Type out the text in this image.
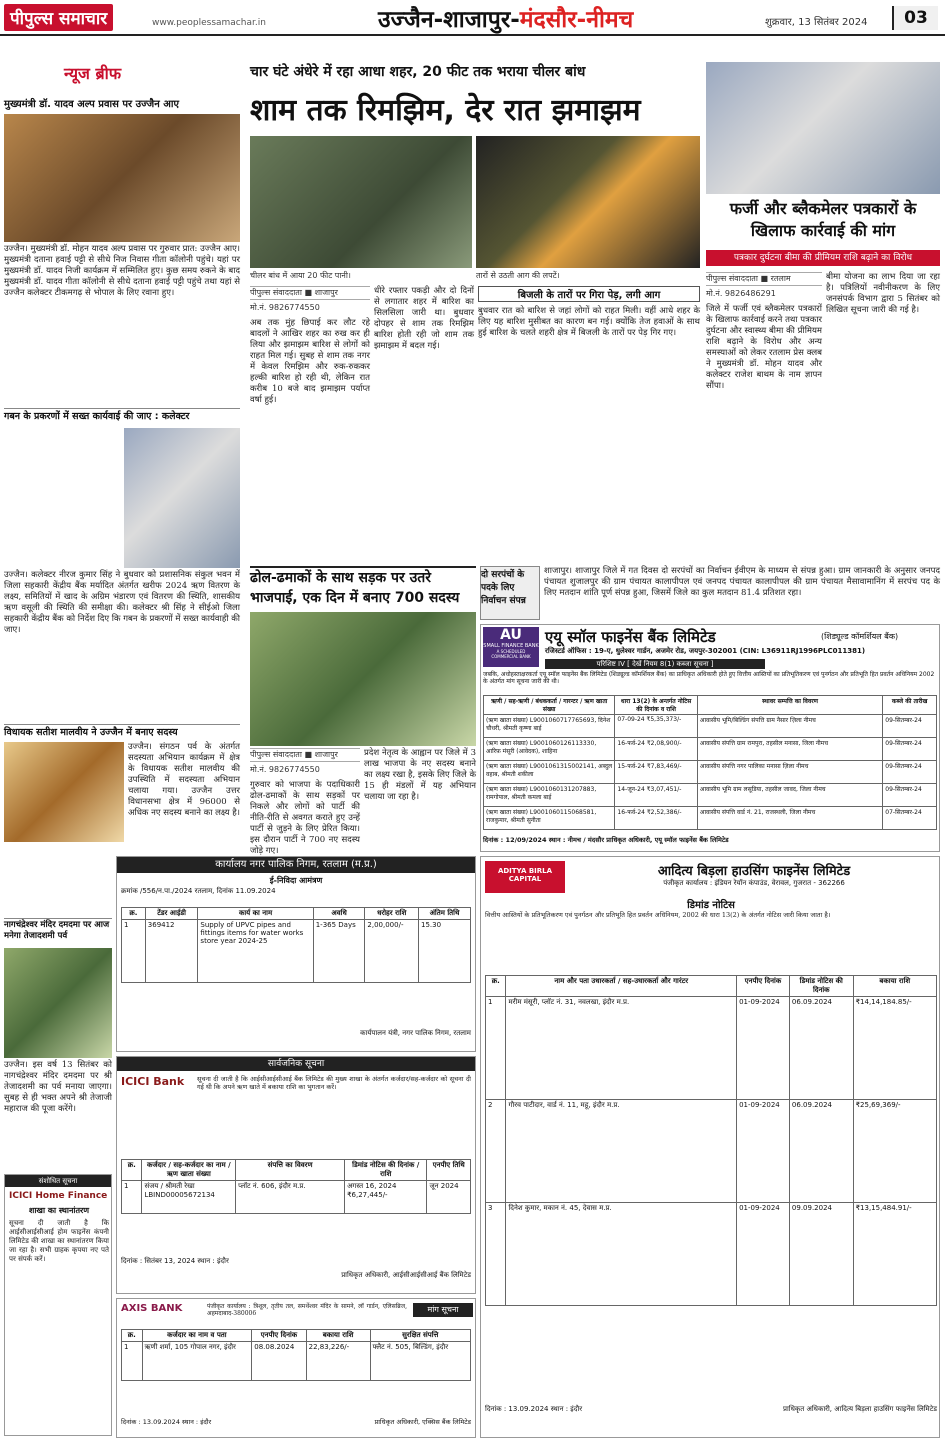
पीपुल्स समाचार	www.peoplessamachar.in	उज्जैन-शाजापुर-मंदसौर-नीमच	शुक्रवार, 13 सितंबर 2024	03
न्यूज ब्रीफ
मुख्यमंत्री डॉ. यादव अल्प प्रवास पर उज्जैन आए
उज्जैन। मुख्यमंत्री डॉ. मोहन यादव अल्प प्रवास पर गुरुवार प्रात: उज्जैन आए। मुख्यमंत्री दताना हवाई पट्टी से सीधे निज निवास गीता कॉलोनी पहुंचे। यहां पर मुख्यमंत्री डॉ. यादव निजी कार्यक्रम में सम्मिलित हुए। कुछ समय रुकने के बाद मुख्यमंत्री डॉ. यादव गीता कॉलोनी से सीधे दताना हवाई पट्टी पहुंचे तथा यहां से उज्जैन कलेक्टर टीकमगढ़ से भोपाल के लिए रवाना हुए।
गबन के प्रकरणों में सख्त कार्यवाई की जाए : कलेक्टर
उज्जैन। कलेक्टर नीरज कुमार सिंह ने बुधवार को प्रशासनिक संकुल भवन में जिला सहकारी केंद्रीय बैंक मर्यादित अंतर्गत खरीफ 2024 ऋण वितरण के लक्ष्य, समितियों में खाद के अग्रिम भंडारण एवं वितरण की स्थिति, शासकीय ऋण वसूली की स्थिति की समीक्षा की। कलेक्टर श्री सिंह ने सीईओ जिला सहकारी केंद्रीय बैंक को निर्देश दिए कि गबन के प्रकरणों में सख्त कार्यवाही की जाए।
विधायक सतीश मालवीय ने उज्जैन में बनाए सदस्य
उज्जैन। संगठन पर्व के अंतर्गत सदस्यता अभियान कार्यक्रम में क्षेत्र के विधायक सतीश मालवीय की उपस्थिति में सदस्यता अभियान चलाया गया। उज्जैन उत्तर विधानसभा क्षेत्र में 96000 से अधिक नए सदस्य बनाने का लक्ष्य है।
नागचंद्रेश्वर मंदिर दमदमा पर आज मनेगा तेजादशमी पर्व
उज्जैन। इस वर्ष 13 सितंबर को नागचंद्रेश्वर मंदिर दमदमा पर श्री तेजादशमी का पर्व मनाया जाएगा। सुबह से ही भक्त अपने श्री तेजाजी महाराज की पूजा करेंगे।
संशोधित सूचना
ICICI Home Finance
शाखा का स्थानांतरण
सूचना दी जाती है कि आईसीआईसीआई होम फाइनेंस कंपनी लिमिटेड की शाखा का स्थानांतरण किया जा रहा है। सभी ग्राहक कृपया नए पते पर संपर्क करें।
चार घंटे अंधेरे में रहा आधा शहर, 20 फीट तक भराया चीलर बांध
शाम तक रिमझिम, देर रात झमाझम
चीलर बांध में आया 20 फीट पानी।	तारों से उठती आग की लपटें।
पीपुल्स संवाददाता ■ शाजापुर
मो.नं. 9826774550
अब तक मुंह छिपाई कर लौट रहे बादलों ने आखिर शहर का रुख कर ही लिया और झमाझम बारिश से लोगों को राहत मिल गई। सुबह से शाम तक नगर में केवल रिमझिम और रुक-रुककर हल्की बारिश हो रही थी, लेकिन रात करीब 10 बजे बाद झमाझम पर्याप्त वर्षा हुई।
धीरे रफ्तार पकड़ी और दो दिनों से लगातार शहर में बारिश का सिलसिला जारी था। बुधवार दोपहर से शाम तक रिमझिम बारिश होती रही जो शाम तक झमाझम में बदल गई।
बिजली के तारों पर गिरा पेड़, लगी आग
बुधवार रात को बारिश से जहां लोगों को राहत मिली। वहीं आधे शहर के लिए यह बारिश मुसीबत का कारण बन गई। क्योंकि तेज हवाओं के साथ हुई बारिश के चलते शहरी क्षेत्र में बिजली के तारों पर पेड़ गिर गए।
फर्जी और ब्लैकमेलर पत्रकारों के खिलाफ कार्रवाई की मांग
पत्रकार दुर्घटना बीमा की प्रीमियम राशि बढ़ाने का विरोध
पीपुल्स संवाददाता ■ रतलाम
मो.नं. 9826486291
जिले में फर्जी एवं ब्लैकमेलर पत्रकारों के खिलाफ कार्रवाई करने तथा पत्रकार दुर्घटना और स्वास्थ्य बीमा की प्रीमियम राशि बढ़ाने के विरोध और अन्य समस्याओं को लेकर रतलाम प्रेस क्लब ने मुख्यमंत्री डॉ. मोहन यादव और कलेक्टर राजेश बाथम के नाम ज्ञापन सौंपा।
बीमा योजना का लाभ दिया जा रहा है। पत्रिलियों नवीनीकरण के लिए जनसंपर्क विभाग द्वारा 5 सितंबर को लिखित सूचना जारी की गई है।
ढोल-ढमाकों के साथ सड़क पर उतरे भाजपाई, एक दिन में बनाए 700 सदस्य
पीपुल्स संवाददाता ■ शाजापुर
मो.नं. 9826774550
गुरुवार को भाजपा के पदाधिकारी ढोल-ढमाकों के साथ सड़कों पर निकले और लोगों को पार्टी की नीति-रीति से अवगत कराते हुए उन्हें पार्टी से जुड़ने के लिए प्रेरित किया। इस दौरान पार्टी ने 700 नए सदस्य जोड़े गए।
प्रदेश नेतृत्व के आह्वान पर जिले में 3 लाख भाजपा के नए सदस्य बनाने का लक्ष्य रखा है, इसके लिए जिले के 15 ही मंडलों में यह अभियान चलाया जा रहा है।
दो सरपंचों के पदके लिए निर्वाचन संपन्न
शाजापुर। शाजापुर जिले में गत दिवस दो सरपंचों का निर्वाचन ईवीएम के माध्यम से संपन्न हुआ। ग्राम जानकारी के अनुसार जनपद पंचायत शुजालपुर की ग्राम पंचायत कालापीपल एवं जनपद पंचायत कालापीपल की ग्राम पंचायत मैसावामानिंग में सरपंच पद के लिए मतदान शांति पूर्ण संपन्न हुआ, जिसमें जिले का कुल मतदान 81.4 प्रतिशत रहा।
AU
SMALL FINANCE BANK
A SCHEDULED COMMERCIAL BANK
एयू स्मॉल फाइनेंस बैंक लिमिटेड	(शिड्यूल्ड कॉमर्शियल बैंक)
रजिस्टर्ड ऑफिस : 19-ए, धुलेश्वर गार्डन, अजमेर रोड, जयपुर-302001 (CIN: L36911RJ1996PLC011381)
परिशिष्ट IV [ देखें नियम 8(1) कब्जा सूचना ]
जबकि, अधोहस्ताक्षरकर्ता एयू स्मॉल फाइनेंस बैंक लिमिटेड (शिड्यूल्ड कॉमर्शियल बैंक) का प्राधिकृत अधिकारी होते हुए वित्तीय आस्तियों का प्रतिभूतिकरण एवं पुनर्गठन और प्रतिभूति हित प्रवर्तन अधिनियम 2002 के अंतर्गत मांग सूचना जारी की थी।
ऋणी / सह-ऋणी / बंधककर्ता / गारन्टर / ऋण खाता संख्या	धारा 13(2) के अन्तर्गत नोटिस की दिनांक व राशि	स्थावर सम्पत्ति का विवरण	कब्जे की तारीख
(ऋण खाता संख्या) L9001060717765693, दिनेश चौधरी, श्रीमती कृष्णा बाई	07-09-24 ₹5,35,373/-	आवासीय भूमि/बिल्डिंग संपत्ति ग्राम नैसार ज़िला नीमच	09-सितम्बर-24
(ऋण खाता संख्या) L9001060126113330, आरिफ़ मंसूरी (आवेदक), शाहिना	16-फर्व-24 ₹2,08,900/-	आवासीय संपत्ति ग्राम रामपुरा, तहसील मनासा, जिला नीमच	09-सितम्बर-24
(ऋण खाता संख्या) L9001061315002141, अब्दुल वहाब, श्रीमती शकीला	15-फर्व-24 ₹7,83,469/-	आवासीय संपत्ति नगर पालिका मनासा ज़िला नीमच	09-सितम्बर-24
(ऋण खाता संख्या) L9001060131207883, रामगोपाल, श्रीमती कमला बाई	14-जून-24 ₹3,07,451/-	आवासीय भूमि ग्राम लसूडिया, तहसील जावद, जिला नीमच	09-सितम्बर-24
(ऋण खाता संख्या) L9001060115068581, राजकुमार, श्रीमती सुनीता	16-फर्व-24 ₹2,52,386/-	आवासीय संपत्ति वार्ड नं. 21, राजस्थली, जिला नीमच	07-सितम्बर-24
दिनांक : 12/09/2024 स्थान : नीमच / मंदसौर प्राधिकृत अधिकारी, एयू स्मॉल फाइनेंस बैंक लिमिटेड
कार्यालय नगर पालिक निगम, रतलाम (म.प्र.)
ई-निविदा आमंत्रण
क्रमांक /556/न.पा./2024 रतलाम, दिनांक 11.09.2024
क्र.	टेंडर आईडी	कार्य का नाम	अवधि	धरोहर राशि	अंतिम तिथि
1	369412	Supply of UPVC pipes and fittings items for water works store year 2024-25	1-365 Days	2,00,000/-	15.30
कार्यपालन यंत्री, नगर पालिक निगम, रतलाम
सार्वजनिक सूचना
ICICI Bank सूचना दी जाती है कि आईसीआईसीआई बैंक लिमिटेड की मुख्य शाखा के अंतर्गत कर्जदार/सह-कर्जदार को सूचना दी गई थी कि अपने ऋण खाते में बकाया राशि का भुगतान करें।
क्र.	कर्जदार / सह-कर्जदार का नाम / ऋण खाता संख्या	संपत्ति का विवरण	डिमांड नोटिस की दिनांक / राशि	एनपीए तिथि
1	संजय / श्रीमती रेखा LBIND00005672134	प्लॉट नं. 606, इंदौर म.प्र.	अगस्त 16, 2024 ₹6,27,445/-	जून 2024
दिनांक : सितंबर 13, 2024 स्थान : इंदौर
प्राधिकृत अधिकारी, आईसीआईसीआई बैंक लिमिटेड
AXIS BANK	पंजीकृत कार्यालय : त्रिशूल, तृतीय तल, समर्थेश्वर मंदिर के सामने, लॉ गार्डन, एलिसब्रिज, अहमदाबाद-380006	मांग सूचना
क्र.	कर्जदार का नाम व पता	एनपीए दिनांक	बकाया राशि	सुरक्षित संपत्ति
1	ऋणी शर्मा, 105 गोपाल नगर, इंदौर	08.08.2024	22,83,226/-	फ्लैट नं. 505, बिल्डिंग, इंदौर
दिनांक : 13.09.2024 स्थान : इंदौर	प्राधिकृत अधिकारी, एक्सिस बैंक लिमिटेड
ADITYA BIRLA CAPITAL	आदित्य बिड़ला हाउसिंग फाइनेंस लिमिटेड
पंजीकृत कार्यालय : इंडियन रेयॉन कंपाउंड, वेरावल, गुजरात - 362266
डिमांड नोटिस
वित्तीय आस्तियों के प्रतिभूतिकरण एवं पुनर्गठन और प्रतिभूति हित प्रवर्तन अधिनियम, 2002 की धारा 13(2) के अंतर्गत नोटिस जारी किया जाता है।
क्र.	नाम और पता उधारकर्ता / सह-उधारकर्ता और गारंटर	एनपीए दिनांक	डिमांड नोटिस की दिनांक	बकाया राशि
1	मरीम मंसूरी, प्लॉट नं. 31, नवलखा, इंदौर म.प्र.	01-09-2024	06.09.2024	₹14,14,184.85/-
2	गौरव पाटीदार, वार्ड नं. 11, महू, इंदौर म.प्र.	01-09-2024	06.09.2024	₹25,69,369/-
3	दिनेश कुमार, मकान नं. 45, देवास म.प्र.	01-09-2024	09.09.2024	₹13,15,484.91/-
दिनांक : 13.09.2024 स्थान : इंदौर	प्राधिकृत अधिकारी, आदित्य बिड़ला हाउसिंग फाइनेंस लिमिटेड
